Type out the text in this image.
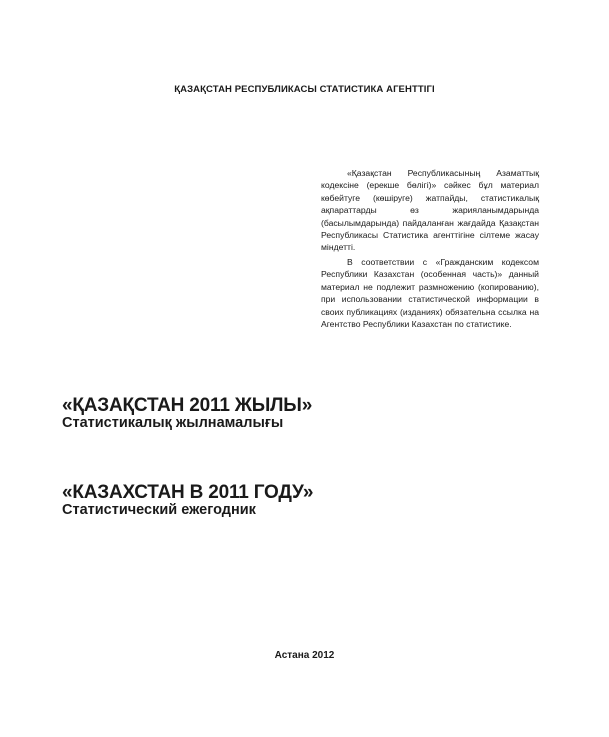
ҚАЗАҚСТАН РЕСПУБЛИКАСЫ СТАТИСТИКА АГЕНТТІГІ

«Қазақстан Республикасының Азаматтық кодексіне (ерекше бөлігі)» сәйкес бұл материал көбейтуге (көшіруге) жатпайды, статистикалық ақпараттарды өз жарияланымдарында (басылымдарында) пайдаланған жағдайда Қазақстан Республикасы Статистика агенттігіне сілтеме жасау міндетті.

В соответствии с «Гражданским кодексом Республики Казахстан (особенная часть)» данный материал не подлежит размножению (копированию), при использовании статистической информации в своих публикациях (изданиях) обязательна ссылка на Агентство Республики Казахстан по статистике.

«ҚАЗАҚСТАН 2011 ЖЫЛЫ»
Статистикалық жылнамалығы
«КАЗАХСТАН В 2011 ГОДУ»
Статистический ежегодник
Астана 2012
